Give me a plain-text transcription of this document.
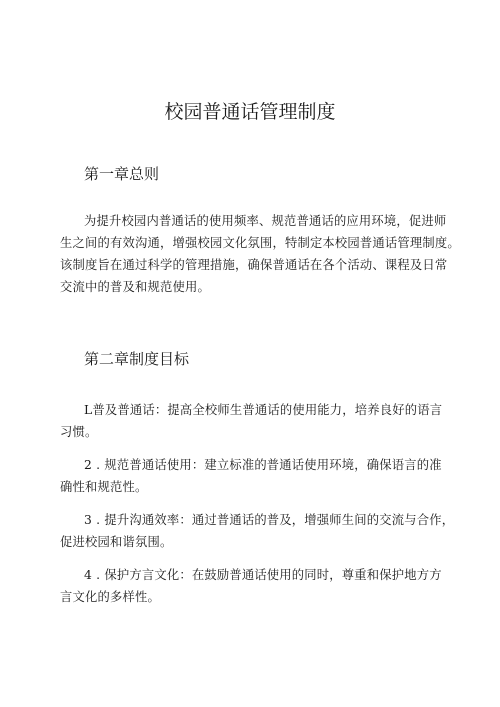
校园普通话管理制度
第一章总则

为提升校园内普通话的使用频率、规范普通话的应用环境，促进师
生之间的有效沟通，增强校园文化氛围，特制定本校园普通话管理制度。
该制度旨在通过科学的管理措施，确保普通话在各个活动、课程及日常
交流中的普及和规范使用。

第二章制度目标

L普及普通话：提高全校师生普通话的使用能力，培养良好的语言
习惯。

2 . 规范普通话使用：建立标准的普通话使用环境，确保语言的准
确性和规范性。

3 . 提升沟通效率：通过普通话的普及，增强师生间的交流与合作，
促进校园和谐氛围。

4 . 保护方言文化：在鼓励普通话使用的同时，尊重和保护地方方
言文化的多样性。
